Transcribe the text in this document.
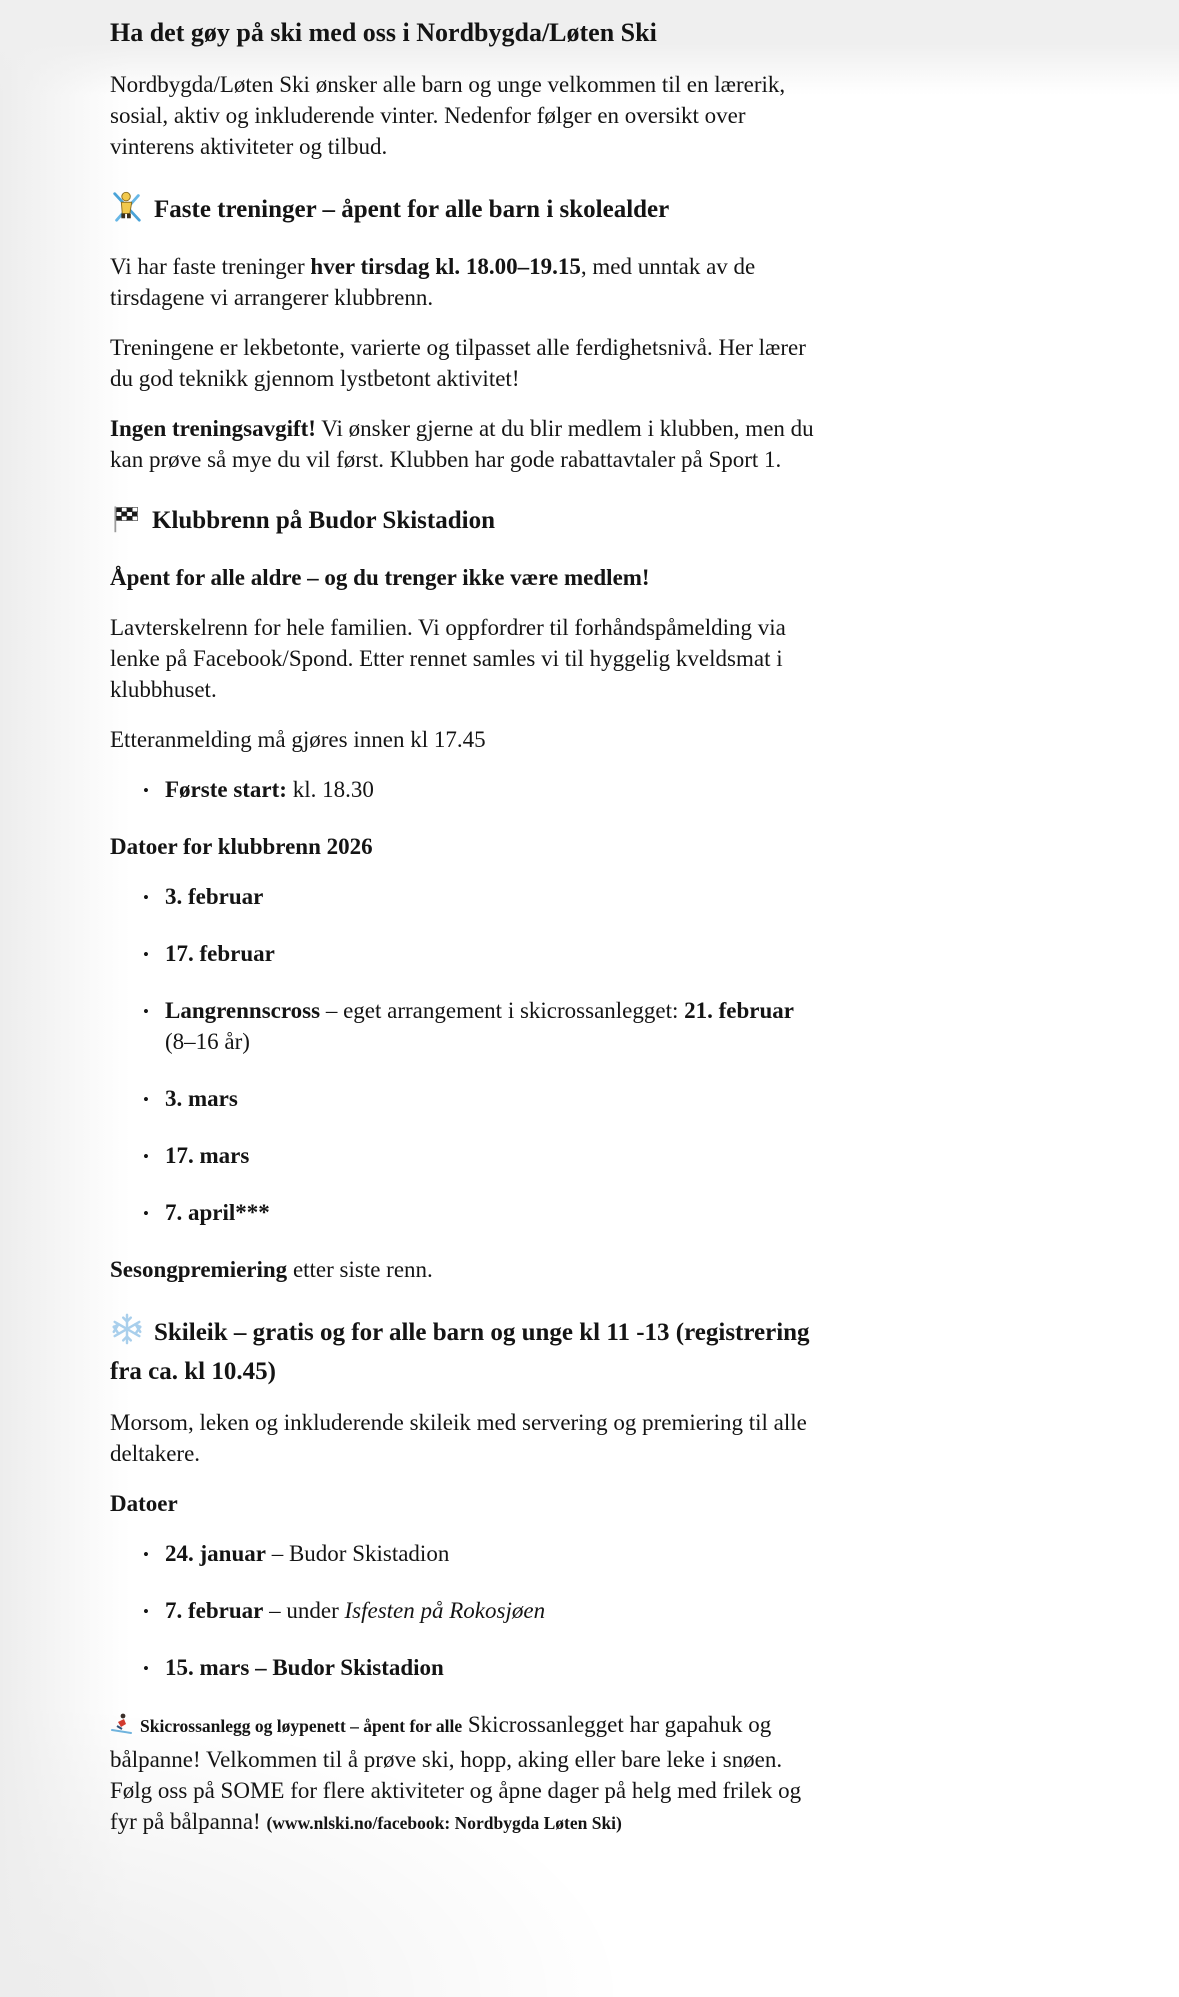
Ha det gøy på ski med oss i Nordbygda/Løten Ski

Nordbygda/Løten Ski ønsker alle barn og unge velkommen til en lærerik, sosial, aktiv og inkluderende vinter. Nedenfor følger en oversikt over vinterens aktiviteter og tilbud.

Faste treninger – åpent for alle barn i skolealder

Vi har faste treninger hver tirsdag kl. 18.00–19.15, med unntak av de tirsdagene vi arrangerer klubbrenn.

Treningene er lekbetonte, varierte og tilpasset alle ferdighetsnivå. Her lærer du god teknikk gjennom lystbetont aktivitet!

Ingen treningsavgift! Vi ønsker gjerne at du blir medlem i klubben, men du kan prøve så mye du vil først. Klubben har gode rabattavtaler på Sport 1.

Klubbrenn på Budor Skistadion

Åpent for alle aldre – og du trenger ikke være medlem!

Lavterskelrenn for hele familien. Vi oppfordrer til forhåndspåmelding via lenke på Facebook/Spond. Etter rennet samles vi til hyggelig kveldsmat i klubbhuset.

Etteranmelding må gjøres innen kl 17.45

• Første start: kl. 18.30

Datoer for klubbrenn 2026

• 3. februar
• 17. februar
• Langrennscross – eget arrangement i skicrossanlegget: 21. februar (8–16 år)
• 3. mars
• 17. mars
• 7. april***

Sesongpremiering etter siste renn.

Skileik – gratis og for alle barn og unge kl 11 -13 (registrering fra ca. kl 10.45)

Morsom, leken og inkluderende skileik med servering og premiering til alle deltakere.

Datoer

• 24. januar – Budor Skistadion
• 7. februar – under Isfesten på Rokosjøen
• 15. mars – Budor Skistadion

Skicrossanlegg og løypenett – åpent for alle Skicrossanlegget har gapahuk og bålpanne! Velkommen til å prøve ski, hopp, aking eller bare leke i snøen. Følg oss på SOME for flere aktiviteter og åpne dager på helg med frilek og fyr på bålpanna! (www.nlski.no/facebook: Nordbygda Løten Ski)
